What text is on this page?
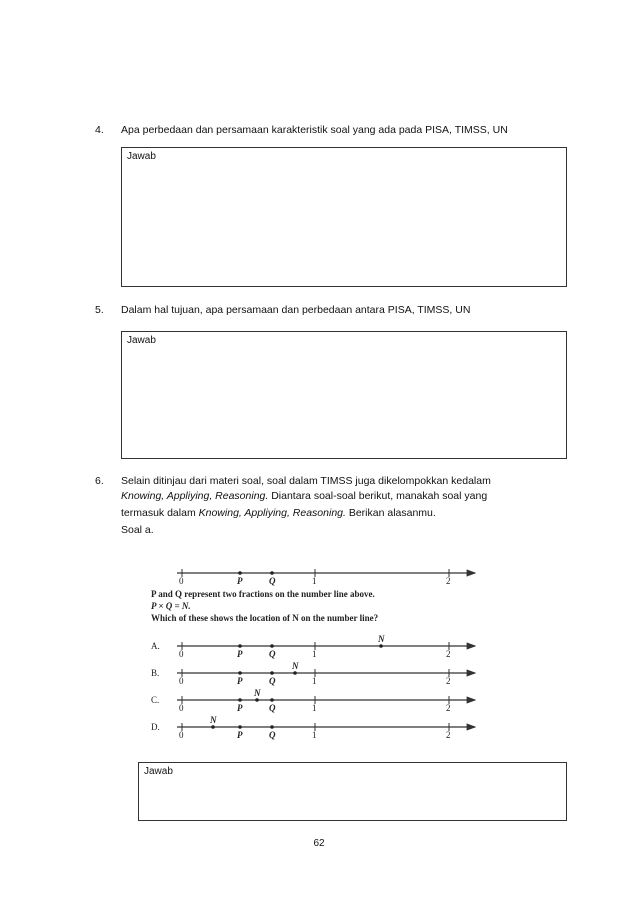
4. Apa perbedaan dan persamaan karakteristik soal yang ada pada PISA, TIMSS, UN
Jawab
5. Dalam hal tujuan, apa persamaan dan perbedaan antara PISA, TIMSS, UN
Jawab
6. Selain ditinjau dari materi soal, soal dalam TIMSS juga dikelompokkan kedalam
Knowing, Appliying, Reasoning. Diantara soal-soal berikut, manakah soal yang
termasuk dalam Knowing, Appliying, Reasoning. Berikan alasanmu.
Soal a.
0	P	Q	1	2
P and Q represent two fractions on the number line above.
P × Q = N.
Which of these shows the location of N on the number line?
A.
0	P	Q	1	2
N
B.
0	P	Q	1	2
N
C.
0	P	Q	1	2
N
D.
0	P	Q	1	2
N
Jawab
62
